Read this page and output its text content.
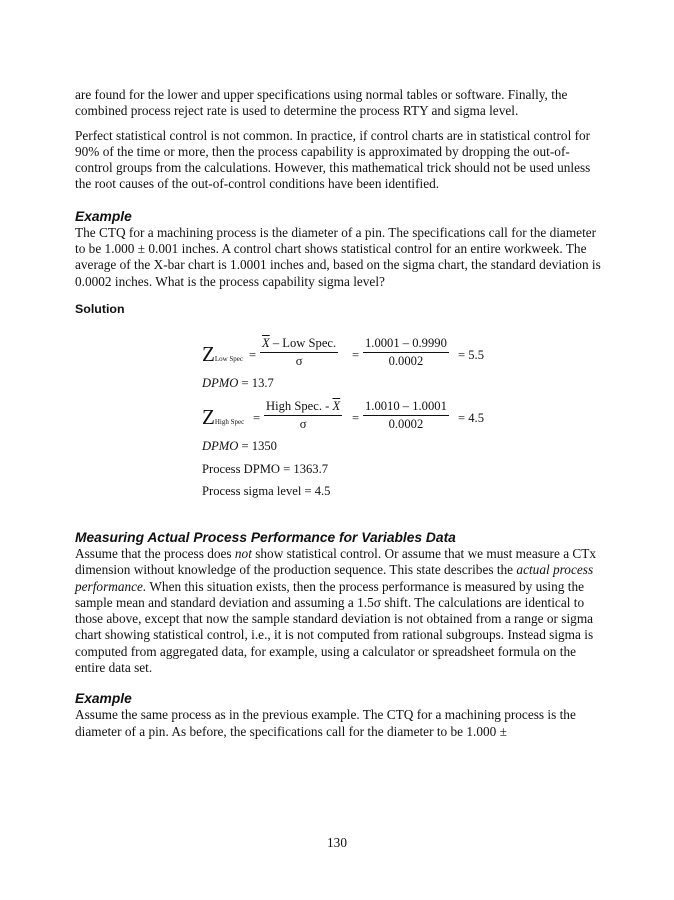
are found for the lower and upper specifications using normal tables or software. Finally, the combined process reject rate is used to determine the process RTY and sigma level.

Perfect statistical control is not common. In practice, if control charts are in statistical control for 90% of the time or more, then the process capability is approximated by dropping the out-of-control groups from the calculations. However, this mathematical trick should not be used unless the root causes of the out-of-control conditions have been identified.

Example

The CTQ for a machining process is the diameter of a pin. The specifications call for the diameter to be 1.000 ± 0.001 inches. A control chart shows statistical control for an entire workweek. The average of the X-bar chart is 1.0001 inches and, based on the sigma chart, the standard deviation is 0.0002 inches. What is the process capability sigma level?

Solution
ZLow Spec =
$\overline{X}$ – Low Spec.
σ	= $\frac{1.0001 - 0.9990}{0.0002} = 5.5$
DPMO = 13.7
ZHigh Spec =
High Spec. - $\overline{X}$
σ	= $\frac{1.0010 - 1.0001}{0.0002} = 4.5$
DPMO = 1350
Process DPMO = 1363.7
Process sigma level = 4.5
Measuring Actual Process Performance for Variables Data

Assume that the process does not show statistical control. Or assume that we must measure a CTx dimension without knowledge of the production sequence. This state describes the actual process performance. When this situation exists, then the process performance is measured by using the sample mean and standard deviation and assuming a 1.5σ shift. The calculations are identical to those above, except that now the sample standard deviation is not obtained from a range or sigma chart showing statistical control, i.e., it is not computed from rational subgroups. Instead sigma is computed from aggregated data, for example, using a calculator or spreadsheet formula on the entire data set.

Example

Assume the same process as in the previous example. The CTQ for a machining process is the diameter of a pin. As before, the specifications call for the diameter to be 1.000 ±

130
